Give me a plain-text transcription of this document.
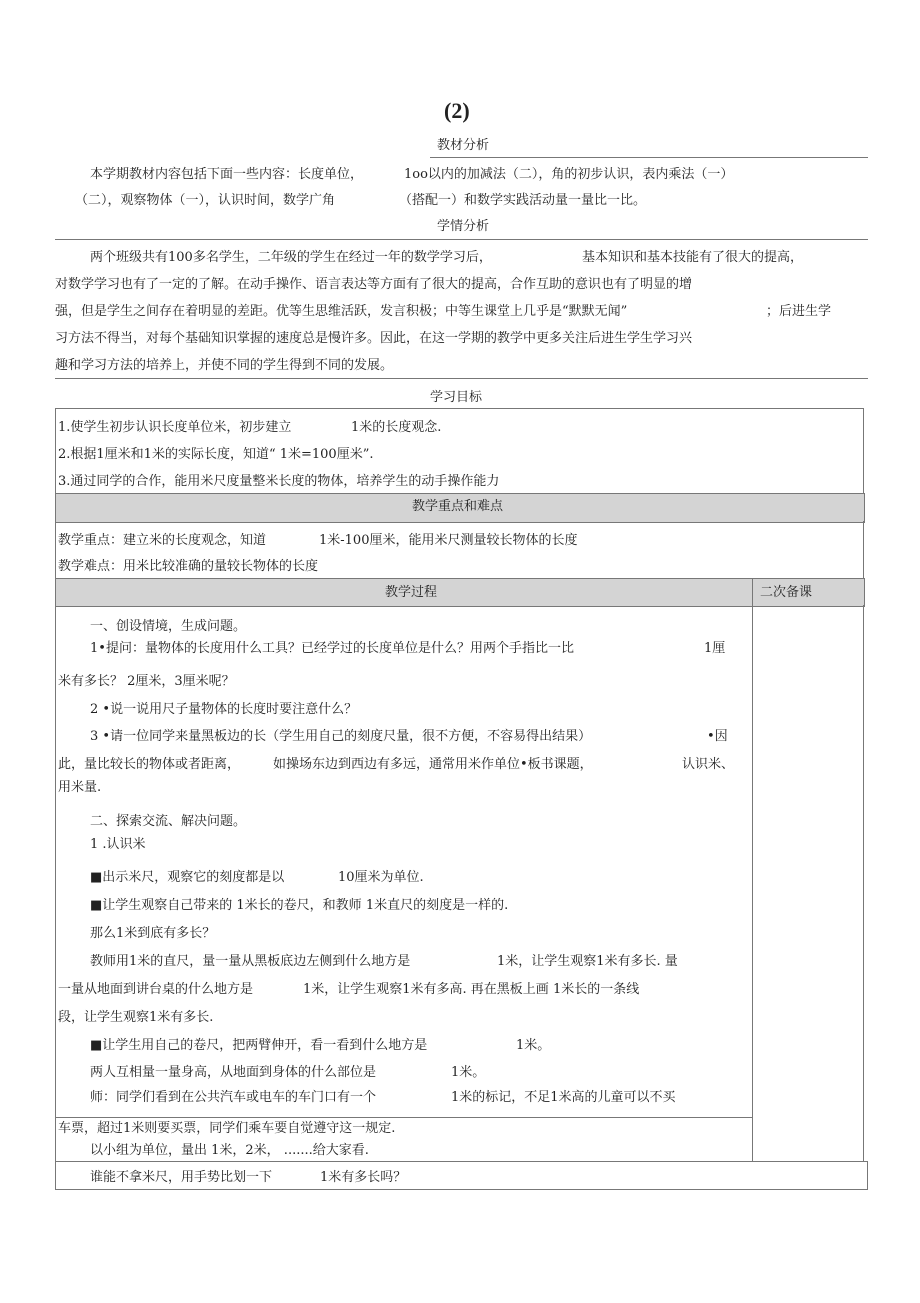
(2)
教材分析
本学期教材内容包括下面一些内容：长度单位，	1oo以内的加减法（二），角的初步认识，表内乘法（一）
（二），观察物体（一），认识时间，数学广角	（搭配一）和数学实践活动量一量比一比。
学情分析
两个班级共有100多名学生，二年级的学生在经过一年的数学学习后，	基本知识和基本技能有了很大的提高，
对数学学习也有了一定的了解。在动手操作、语言表达等方面有了很大的提高，合作互助的意识也有了明显的增
强，但是学生之间存在着明显的差距。优等生思维活跃，发言积极；中等生课堂上几乎是“默默无闻”	；后进生学
习方法不得当，对每个基础知识掌握的速度总是慢许多。因此，在这一学期的教学中更多关注后进生学生学习兴
趣和学习方法的培养上，并使不同的学生得到不同的发展。
学习目标
1.使学生初步认识长度单位米，初步建立	1米的长度观念.
2.根据1厘米和1米的实际长度，知道“ 1米=100厘米”.
3.通过同学的合作，能用米尺度量整米长度的物体，培养学生的动手操作能力
教学重点和难点
教学重点：建立米的长度观念，知道	1米-100厘米，能用米尺测量较长物体的长度
教学难点：用米比较准确的量较长物体的长度
教学过程	二次备课
一、创设情境，生成问题。
1•提问：量物体的长度用什么工具？已经学过的长度单位是什么？用两个手指比一比	1厘
米有多长？ 2厘米，3厘米呢？
2 •说一说用尺子量物体的长度时要注意什么？
3 •请一位同学来量黑板边的长（学生用自己的刻度尺量，很不方便，不容易得出结果）	•因
此，量比较长的物体或者距离，	如操场东边到西边有多远，通常用米作单位•板书课题，	认识米、
用米量.
二、探索交流、解决问题。
1 .认识米
■出示米尺，观察它的刻度都是以	10厘米为单位.
■让学生观察自己带来的 1米长的卷尺，和教师 1米直尺的刻度是一样的.
那么1米到底有多长？
教师用1米的直尺，量一量从黑板底边左侧到什么地方是	1米，让学生观察1米有多长. 量
一量从地面到讲台桌的什么地方是	1米，让学生观察1米有多高. 再在黑板上画 1米长的一条线
段，让学生观察1米有多长.
■让学生用自己的卷尺，把两臂伸开，看一看到什么地方是	1米。
两人互相量一量身高，从地面到身体的什么部位是	1米。
师：同学们看到在公共汽车或电车的车门口有一个	1米的标记，不足1米高的儿童可以不买
车票，超过1米则要买票，同学们乘车要自觉遵守这一规定.
以小组为单位，量出 1米，2米， .......给大家看.
谁能不拿米尺，用手势比划一下	1米有多长吗？
